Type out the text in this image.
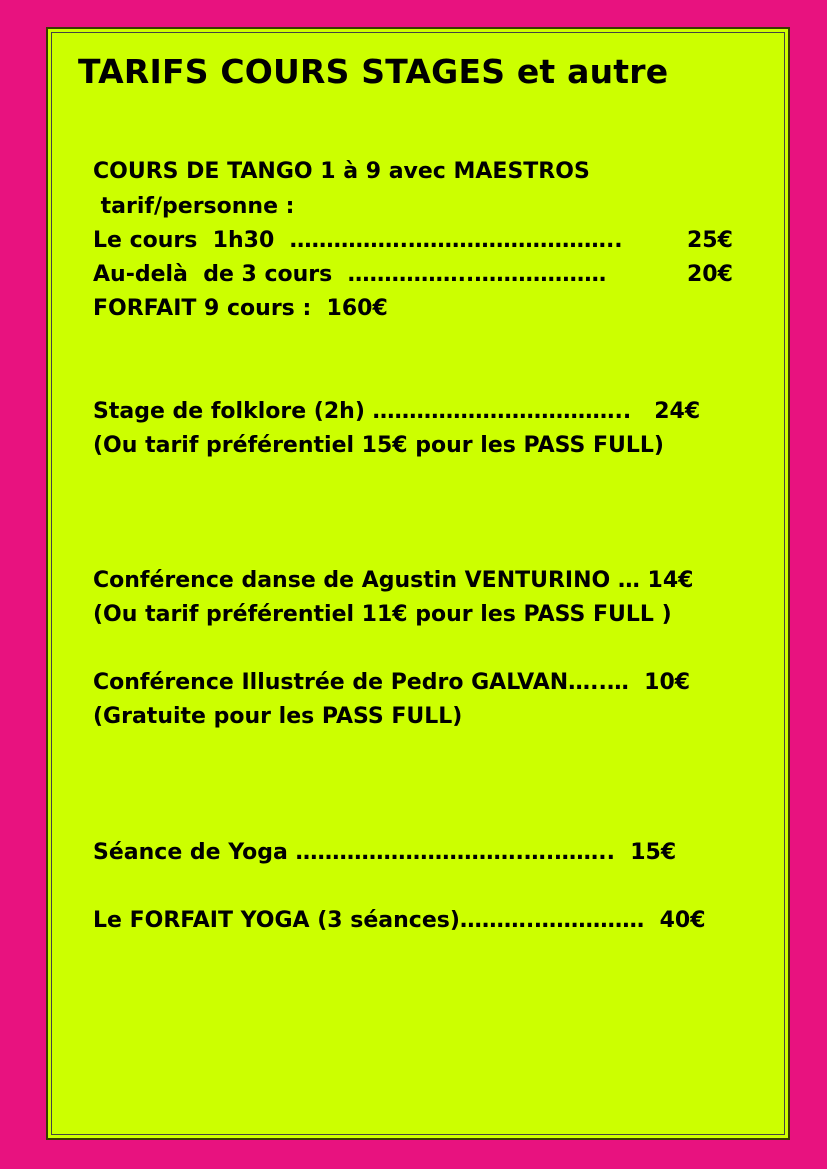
TARIFS COURS STAGES et autre
COURS DE TANGO 1 à 9 avec MAESTROS
tarif/personne :
Le cours  1h30  …………….………………………..	25€
Au-delà  de 3 cours  ……………..………………	20€
FORFAIT 9 cours :  160€
Stage de folklore (2h) ……………………………..   24€
(Ou tarif préférentiel 15€ pour les PASS FULL)
Conférence danse de Agustin VENTURINO … 14€
(Ou tarif préférentiel 11€ pour les PASS FULL )
Conférence Illustrée de Pedro GALVAN…..…  10€
(Gratuite pour les PASS FULL)
Séance de Yoga ………………………….….……..  15€
Le FORFAIT YOGA (3 séances)……….……………  40€
